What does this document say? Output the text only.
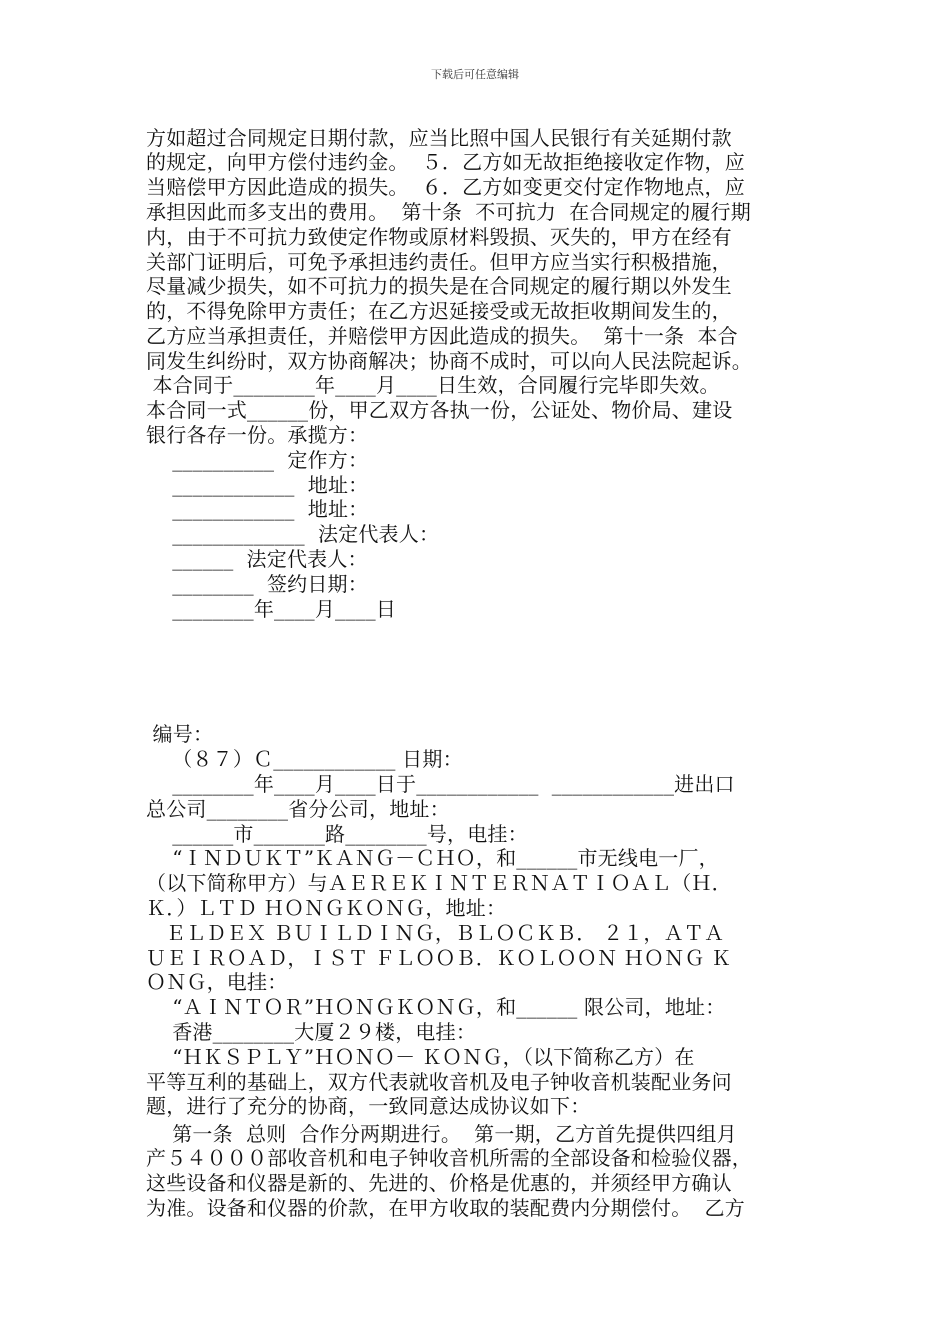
下载后可任意编辑
方如超过合同规定日期付款，应当比照中国人民银行有关延期付款
的规定，向甲方偿付违约金。  ５．乙方如无故拒绝接收定作物，应
当赔偿甲方因此造成的损失。  ６．乙方如变更交付定作物地点，应
承担因此而多支出的费用。  第十条  不可抗力  在合同规定的履行期
内，由于不可抗力致使定作物或原材料毁损、灭失的，甲方在经有
关部门证明后，可免予承担违约责任。但甲方应当实行积极措施，
尽量减少损失，如不可抗力的损失是在合同规定的履行期以外发生
的，不得免除甲方责任；在乙方迟延接受或无故拒收期间发生的，
乙方应当承担责任，并赔偿甲方因此造成的损失。  第十一条  本合
同发生纠纷时，双方协商解决；协商不成时，可以向人民法院起诉。
本合同于________年____月____日生效，合同履行完毕即失效。
本合同一式______份，甲乙双方各执一份，公证处、物价局、建设
银行各存一份。承揽方：
__________  定作方：
____________  地址：
____________  地址：
_____________  法定代表人：
______  法定代表人：
________  签约日期：
________年____月____日
编号：
（８７）Ｃ____________ 日期：
________年____月____日于____________  ____________进出口
总公司________省分公司，地址：
______市_______路________号，电挂：
“ＩＮＤＵＫＴ”ＫＡＮＧ－ＣＨＯ，和______市无线电一厂，
（以下简称甲方）与ＡＥＲＥＫＩＮＴＥＲＮＡＴＩＯＡＬ（Ｈ．
Ｋ．）ＬＴＤ ＨＯＮＧＫＯＮＧ，地址：
ＥＬＤＥＸ ＢＵＩＬＤＩＮＧ，ＢＬＯＣＫＢ． ２１，ＡＴＡ
ＵＥＩＲＯＡＤ，ＩＳＴ ＦＬＯＯＢ．ＫＯＬＯＯＮ ＨＯＮＧ Ｋ
ＯＮＧ，电挂：
“ＡＩＮＴＯＲ”ＨＯＮＧＫＯＮＧ，和______ 限公司，地址：
香港________大厦２９楼，电挂：
“ＨＫＳＰＬＹ”ＨＯＮＯ－ ＫＯＮＧ，（以下简称乙方）在
平等互利的基础上，双方代表就收音机及电子钟收音机装配业务问
题，进行了充分的协商，一致同意达成协议如下：
第一条  总则  合作分两期进行。  第一期，乙方首先提供四组月
产５４０００部收音机和电子钟收音机所需的全部设备和检验仪器，
这些设备和仪器是新的、先进的、价格是优惠的，并须经甲方确认
为准。设备和仪器的价款，在甲方收取的装配费内分期偿付。  乙方
